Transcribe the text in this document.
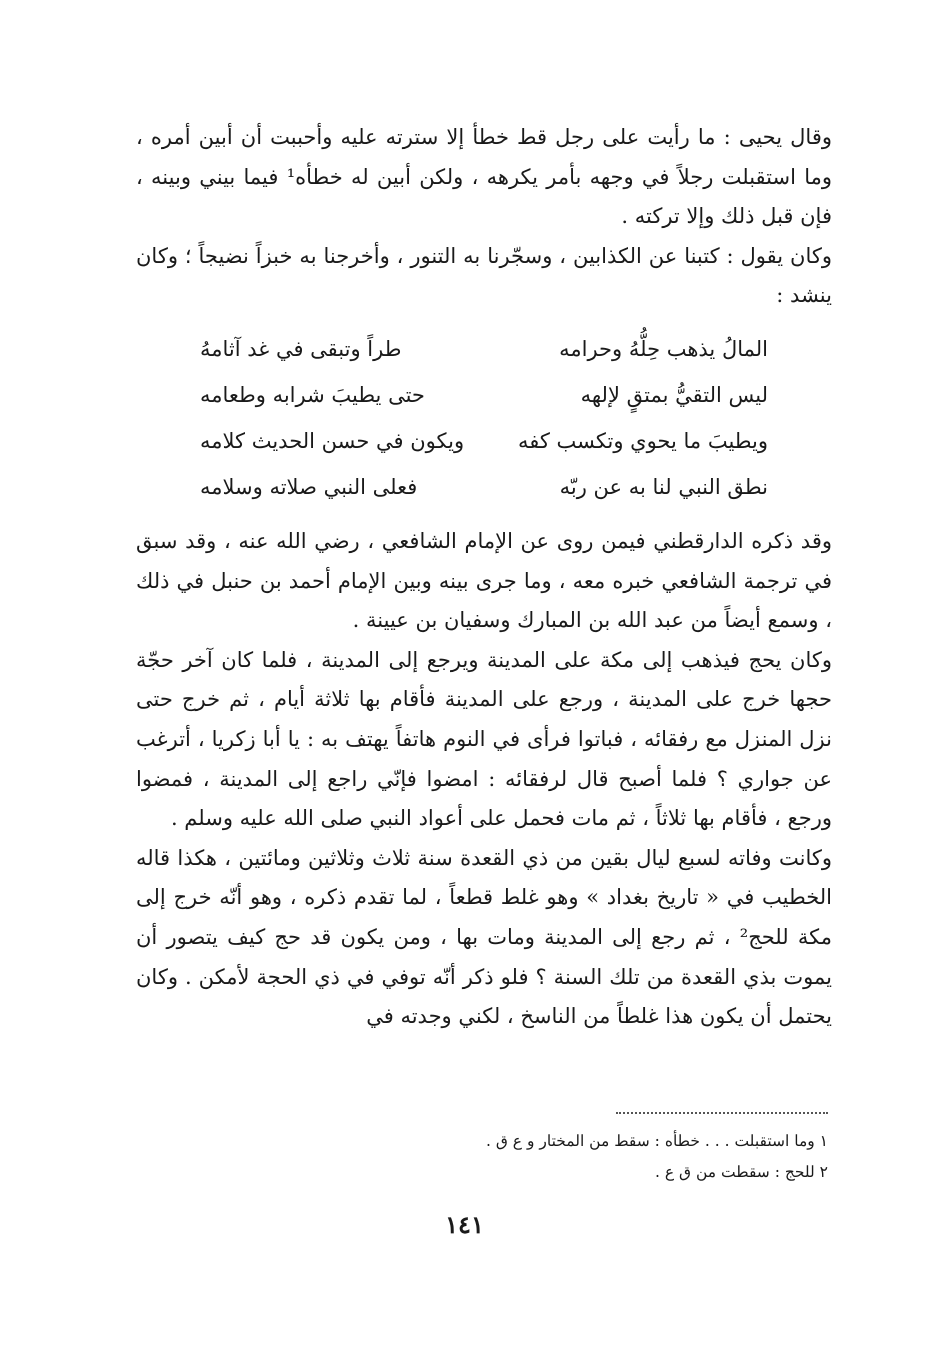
وقال يحيى : ما رأيت على رجل قط خطأ إلا سترته عليه وأحببت أن أبين أمره ، وما استقبلت رجلاً في وجهه بأمر يكرهه ، ولكن أبين له خطأه¹ فيما بيني وبينه ، فإن قبل ذلك وإلا تركته .

وكان يقول : كتبنا عن الكذابين ، وسجّرنا به التنور ، وأخرجنا به خبزاً نضيجاً ؛ وكان ينشد :

المالُ يذهب حِلُّهُ وحرامه
طراً وتبقى في غد آثامهُ
ليس التقيُّ بمتقٍ لإلهه
حتى يطيبَ شرابه وطعامه
ويطيبَ ما يحوي وتكسب كفه
ويكون في حسن الحديث كلامه
نطق النبي لنا به عن ربّه
فعلى النبي صلاته وسلامه

وقد ذكره الدارقطني فيمن روى عن الإمام الشافعي ، رضي الله عنه ، وقد سبق في ترجمة الشافعي خبره معه ، وما جرى بينه وبين الإمام أحمد بن حنبل في ذلك ، وسمع أيضاً من عبد الله بن المبارك وسفيان بن عيينة .

وكان يحج فيذهب إلى مكة على المدينة ويرجع إلى المدينة ، فلما كان آخر حجّة حجها خرج على المدينة ، ورجع على المدينة فأقام بها ثلاثة أيام ، ثم خرج حتى نزل المنزل مع رفقائه ، فباتوا فرأى في النوم هاتفاً يهتف به : يا أبا زكريا ، أترغب عن جواري ؟ فلما أصبح قال لرفقائه : امضوا فإنّي راجع إلى المدينة ، فمضوا ورجع ، فأقام بها ثلاثاً ، ثم مات فحمل على أعواد النبي صلى الله عليه وسلم .

وكانت وفاته لسبع ليال بقين من ذي القعدة سنة ثلاث وثلاثين ومائتين ، هكذا قاله الخطيب في « تاريخ بغداد » وهو غلط قطعاً ، لما تقدم ذكره ، وهو أنّه خرج إلى مكة للحج² ، ثم رجع إلى المدينة ومات بها ، ومن يكون قد حج كيف يتصور أن يموت بذي القعدة من تلك السنة ؟ فلو ذكر أنّه توفي في ذي الحجة لأمكن . وكان يحتمل أن يكون هذا غلطاً من الناسخ ، لكني وجدته في

١ وما استقبلت . . . خطأه : سقط من المختار و ع ق .

٢ للحج : سقطت من ق ع .

١٤١
